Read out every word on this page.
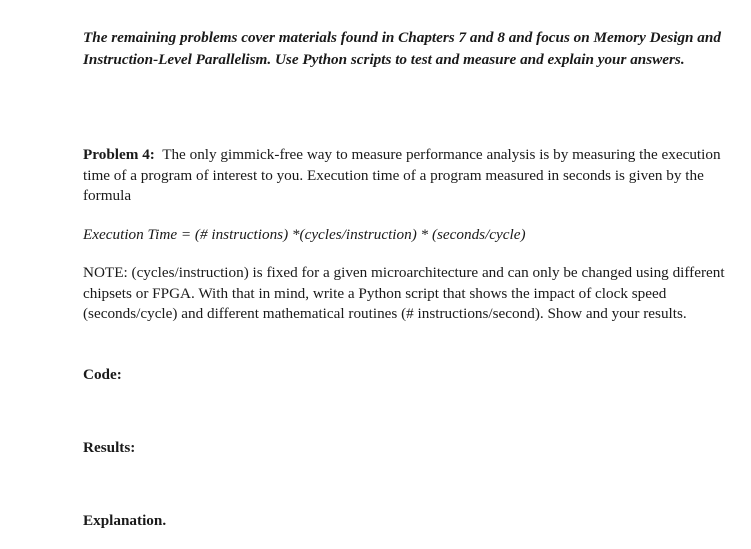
The remaining problems cover materials found in Chapters 7 and 8 and focus on Memory Design and Instruction-Level Parallelism. Use Python scripts to test and measure and explain your answers.
Problem 4: The only gimmick-free way to measure performance analysis is by measuring the execution time of a program of interest to you. Execution time of a program measured in seconds is given by the formula
Execution Time = (# instructions) *(cycles/instruction) * (seconds/cycle)
NOTE: (cycles/instruction) is fixed for a given microarchitecture and can only be changed using different chipsets or FPGA. With that in mind, write a Python script that shows the impact of clock speed (seconds/cycle) and different mathematical routines (# instructions/second). Show and your results.
Code:
Results:
Explanation.
